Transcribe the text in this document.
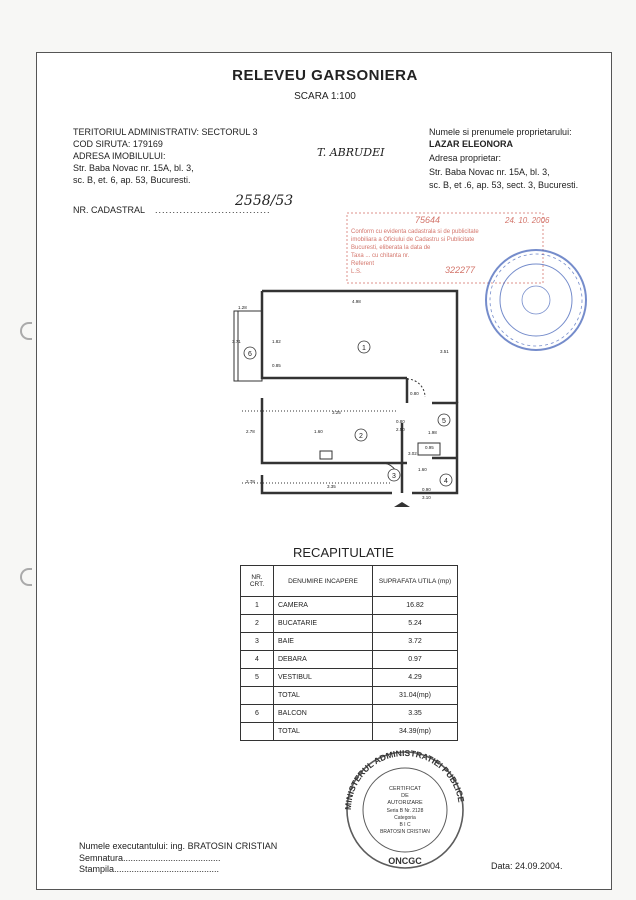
RELEVEU GARSONIERA
SCARA 1:100
TERITORIUL ADMINISTRATIV: SECTORUL 3
COD SIRUTA: 179169
ADRESA IMOBILULUI:
Str. Baba Novac nr. 15A, bl. 3,
sc. B, et. 6, ap. 53, Bucuresti.
Numele si prenumele proprietarului:
LAZAR ELEONORA
Adresa proprietar:
Str. Baba Novac nr. 15A, bl. 3,
sc. B, et .6, ap. 53, sect. 3, Bucuresti.
T. ABRUDEI
NR. CADASTRAL .................................
2558/53
75644	24. 10. 2006
Conform cu evidenta cadastrala si de publicitate
imobiliara a Oficiului de Cadastru si Publicitate
Bucuresti, eliberata la data de
Taxa ... cu chitanta nr.
Referent
L.S.	322277
1
2
3
4
5
6
4.98
3.51
1.28
3.71	1.82
0.85
0.80
3.25
1.60
0.80
2.50
1.98
0.95
3.02
3.35
0.90
3.10
2.78
2.78
1.60
RECAPITULATIE
NR. CRT.	DENUMIRE INCAPERE	SUPRAFATA UTILA (mp)
1	CAMERA	16.82
2	BUCATARIE	5.24
3	BAIE	3.72
4	DEBARA	0.97
5	VESTIBUL	4.29
	TOTAL	31.04(mp)
6	BALCON	3.35
	TOTAL	34.39(mp)
MINISTERUL ADMINISTRATIEI PUBLICE
ONCGC
CERTIFICAT
DE
AUTORIZARE
Seria B Nr. 2128
Categoria
B I C
BRATOSIN CRISTIAN
Numele executantului: ing. BRATOSIN CRISTIAN
Semnatura.......................................
Stampila..........................................	Data: 24.09.2004.
